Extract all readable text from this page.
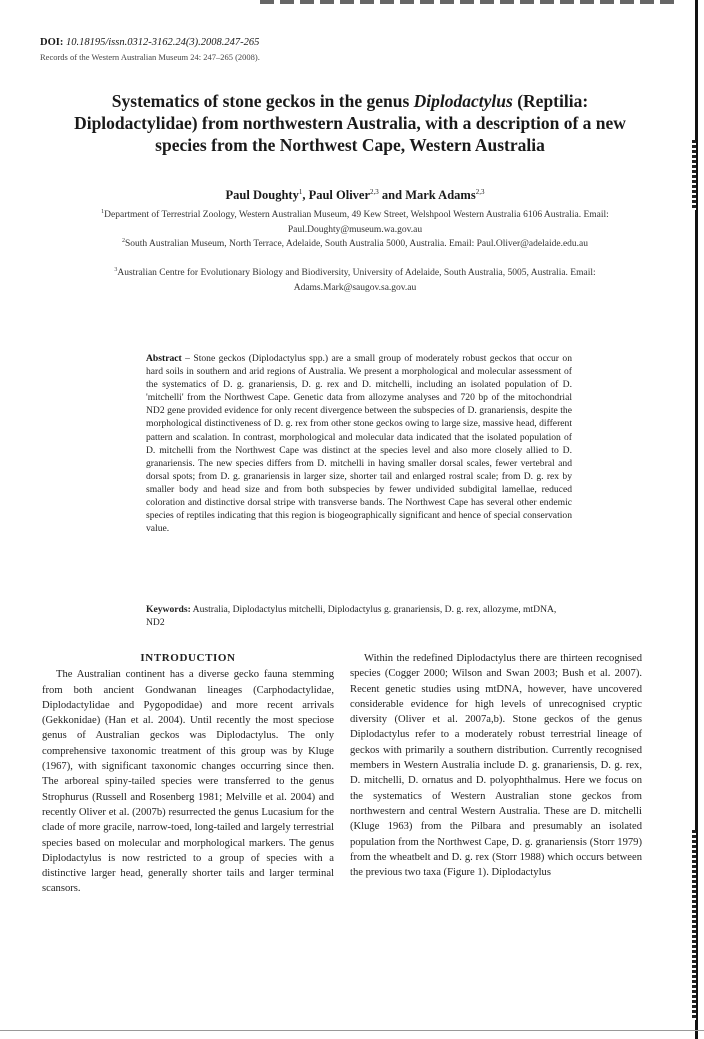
DOI: 10.18195/issn.0312-3162.24(3).2008.247-265
Records of the Western Australian Museum 24: 247–265 (2008).
Systematics of stone geckos in the genus Diplodactylus (Reptilia: Diplodactylidae) from northwestern Australia, with a description of a new species from the Northwest Cape, Western Australia
Paul Doughty$^1$, Paul Oliver$^{2,3}$ and Mark Adams$^{2,3}$
$^1$Department of Terrestrial Zoology, Western Australian Museum, 49 Kew Street, Welshpool Western Australia 6106 Australia. Email: Paul.Doughty@museum.wa.gov.au
$^2$South Australian Museum, North Terrace, Adelaide, South Australia 5000, Australia. Email: Paul.Oliver@adelaide.edu.au
$^3$Australian Centre for Evolutionary Biology and Biodiversity, University of Adelaide, South Australia, 5005, Australia. Email: Adams.Mark@saugov.sa.gov.au
Abstract – Stone geckos (Diplodactylus spp.) are a small group of moderately robust geckos that occur on hard soils in southern and arid regions of Australia. We present a morphological and molecular assessment of the systematics of D. g. granariensis, D. g. rex and D. mitchelli, including an isolated population of D. 'mitchelli' from the Northwest Cape. Genetic data from allozyme analyses and 720 bp of the mitochondrial ND2 gene provided evidence for only recent divergence between the subspecies of D. granariensis, despite the morphological distinctiveness of D. g. rex from other stone geckos owing to large size, massive head, different pattern and scalation. In contrast, morphological and molecular data indicated that the isolated population of D. mitchelli from the Northwest Cape was distinct at the species level and also more closely allied to D. granariensis. The new species differs from D. mitchelli in having smaller dorsal scales, fewer vertebral and dorsal spots; from D. g. granariensis in larger size, shorter tail and enlarged rostral scale; from D. g. rex by smaller body and head size and from both subspecies by fewer undivided subdigital lamellae, reduced coloration and distinctive dorsal stripe with transverse bands. The Northwest Cape has several other endemic species of reptiles indicating that this region is biogeographically significant and hence of special conservation value.
Keywords: Australia, Diplodactylus mitchelli, Diplodactylus g. granariensis, D. g. rex, allozyme, mtDNA, ND2
INTRODUCTION

The Australian continent has a diverse gecko fauna stemming from both ancient Gondwanan lineages (Carphodactylidae, Diplodactylidae and Pygopodidae) and more recent arrivals (Gekkonidae) (Han et al. 2004). Until recently the most speciose genus of Australian geckos was Diplodactylus. The only comprehensive taxonomic treatment of this group was by Kluge (1967), with significant taxonomic changes occurring since then. The arboreal spiny-tailed species were transferred to the genus Strophurus (Russell and Rosenberg 1981; Melville et al. 2004) and recently Oliver et al. (2007b) resurrected the genus Lucasium for the clade of more gracile, narrow-toed, long-tailed and largely terrestrial species based on molecular and morphological markers. The genus Diplodactylus is now restricted to a group of species with a distinctive larger head, generally shorter tails and larger terminal scansors.

Within the redefined Diplodactylus there are thirteen recognised species (Cogger 2000; Wilson and Swan 2003; Bush et al. 2007). Recent genetic studies using mtDNA, however, have uncovered considerable evidence for high levels of unrecognised cryptic diversity (Oliver et al. 2007a,b). Stone geckos of the genus Diplodactylus refer to a moderately robust terrestrial lineage of geckos with primarily a southern distribution. Currently recognised members in Western Australia include D. g. granariensis, D. g. rex, D. mitchelli, D. ornatus and D. polyophthalmus. Here we focus on the systematics of Western Australian stone geckos from northwestern and central Western Australia. These are D. mitchelli (Kluge 1963) from the Pilbara and presumably an isolated population from the Northwest Cape, D. g. granariensis (Storr 1979) from the wheatbelt and D. g. rex (Storr 1988) which occurs between the previous two taxa (Figure 1). Diplodactylus
